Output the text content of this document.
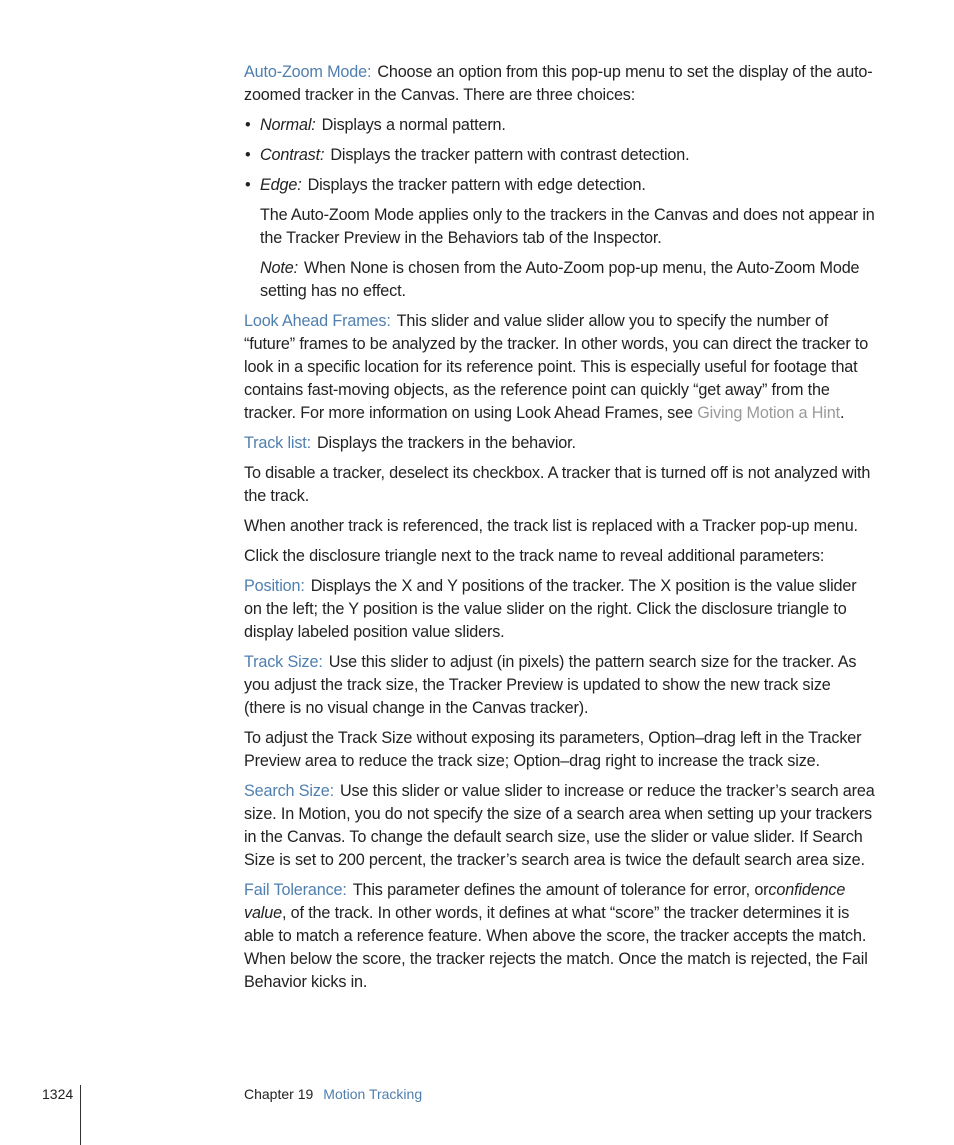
Auto-Zoom Mode: Choose an option from this pop-up menu to set the display of the auto-zoomed tracker in the Canvas. There are three choices:

• Normal: Displays a normal pattern.
• Contrast: Displays the tracker pattern with contrast detection.
• Edge: Displays the tracker pattern with edge detection.

The Auto-Zoom Mode applies only to the trackers in the Canvas and does not appear in the Tracker Preview in the Behaviors tab of the Inspector.

Note: When None is chosen from the Auto-Zoom pop-up menu, the Auto-Zoom Mode setting has no effect.

Look Ahead Frames: This slider and value slider allow you to specify the number of “future” frames to be analyzed by the tracker. In other words, you can direct the tracker to look in a specific location for its reference point. This is especially useful for footage that contains fast-moving objects, as the reference point can quickly “get away” from the tracker. For more information on using Look Ahead Frames, see Giving Motion a Hint.

Track list: Displays the trackers in the behavior.

To disable a tracker, deselect its checkbox. A tracker that is turned off is not analyzed with the track.

When another track is referenced, the track list is replaced with a Tracker pop-up menu.

Click the disclosure triangle next to the track name to reveal additional parameters:

Position: Displays the X and Y positions of the tracker. The X position is the value slider on the left; the Y position is the value slider on the right. Click the disclosure triangle to display labeled position value sliders.

Track Size: Use this slider to adjust (in pixels) the pattern search size for the tracker. As you adjust the track size, the Tracker Preview is updated to show the new track size (there is no visual change in the Canvas tracker).

To adjust the Track Size without exposing its parameters, Option–drag left in the Tracker Preview area to reduce the track size; Option–drag right to increase the track size.

Search Size: Use this slider or value slider to increase or reduce the tracker’s search area size. In Motion, you do not specify the size of a search area when setting up your trackers in the Canvas. To change the default search size, use the slider or value slider. If Search Size is set to 200 percent, the tracker’s search area is twice the default search area size.

Fail Tolerance: This parameter defines the amount of tolerance for error, orconfidence value, of the track. In other words, it defines at what “score” the tracker determines it is able to match a reference feature. When above the score, the tracker accepts the match. When below the score, the tracker rejects the match. Once the match is rejected, the Fail Behavior kicks in.

1324	Chapter 19 Motion Tracking
